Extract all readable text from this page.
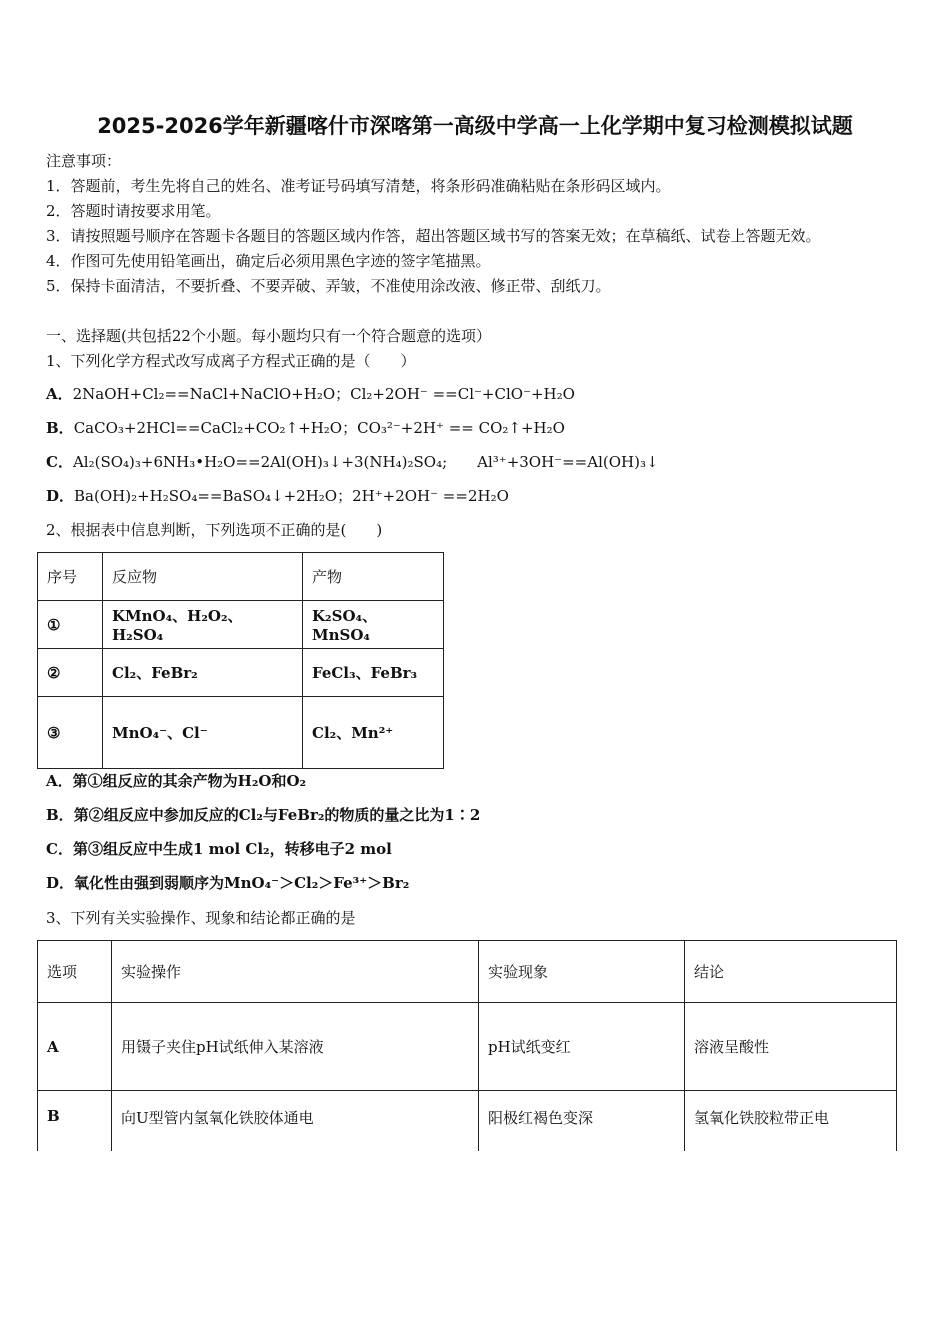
2025-2026学年新疆喀什市深喀第一高级中学高一上化学期中复习检测模拟试题
注意事项：
1．答题前，考生先将自己的姓名、准考证号码填写清楚，将条形码准确粘贴在条形码区域内。
2．答题时请按要求用笔。
3．请按照题号顺序在答题卡各题目的答题区域内作答，超出答题区域书写的答案无效；在草稿纸、试卷上答题无效。
4．作图可先使用铅笔画出，确定后必须用黑色字迹的签字笔描黑。
5．保持卡面清洁，不要折叠、不要弄破、弄皱，不准使用涂改液、修正带、刮纸刀。
一、选择题(共包括22个小题。每小题均只有一个符合题意的选项）
1、下列化学方程式改写成离子方程式正确的是（　　）
A．2NaOH+Cl₂==NaCl+NaClO+H₂O；Cl₂+2OH⁻ ==Cl⁻+ClO⁻+H₂O
B．CaCO₃+2HCl==CaCl₂+CO₂↑+H₂O；CO₃²⁻+2H⁺ == CO₂↑+H₂O
C．Al₂(SO₄)₃+6NH₃•H₂O==2Al(OH)₃↓+3(NH₄)₂SO₄;　　Al³⁺+3OH⁻==Al(OH)₃↓
D．Ba(OH)₂+H₂SO₄==BaSO₄↓+2H₂O；2H⁺+2OH⁻ ==2H₂O
2、根据表中信息判断，下列选项不正确的是(　　)
序号	反应物	产物
①	KMnO₄、H₂O₂、H₂SO₄	K₂SO₄、MnSO₄
②	Cl₂、FeBr₂	FeCl₃、FeBr₃
③	MnO₄⁻、Cl⁻	Cl₂、Mn²⁺
A．第①组反应的其余产物为H₂O和O₂
B．第②组反应中参加反应的Cl₂与FeBr₂的物质的量之比为1∶2
C．第③组反应中生成1 mol Cl₂，转移电子2 mol
D．氧化性由强到弱顺序为MnO₄⁻＞Cl₂＞Fe³⁺＞Br₂
3、下列有关实验操作、现象和结论都正确的是
选项	实验操作	实验现象	结论
A	用镊子夹住pH试纸伸入某溶液	pH试纸变红	溶液呈酸性
B	向U型管内氢氧化铁胶体通电	阳极红褐色变深	氢氧化铁胶粒带正电
